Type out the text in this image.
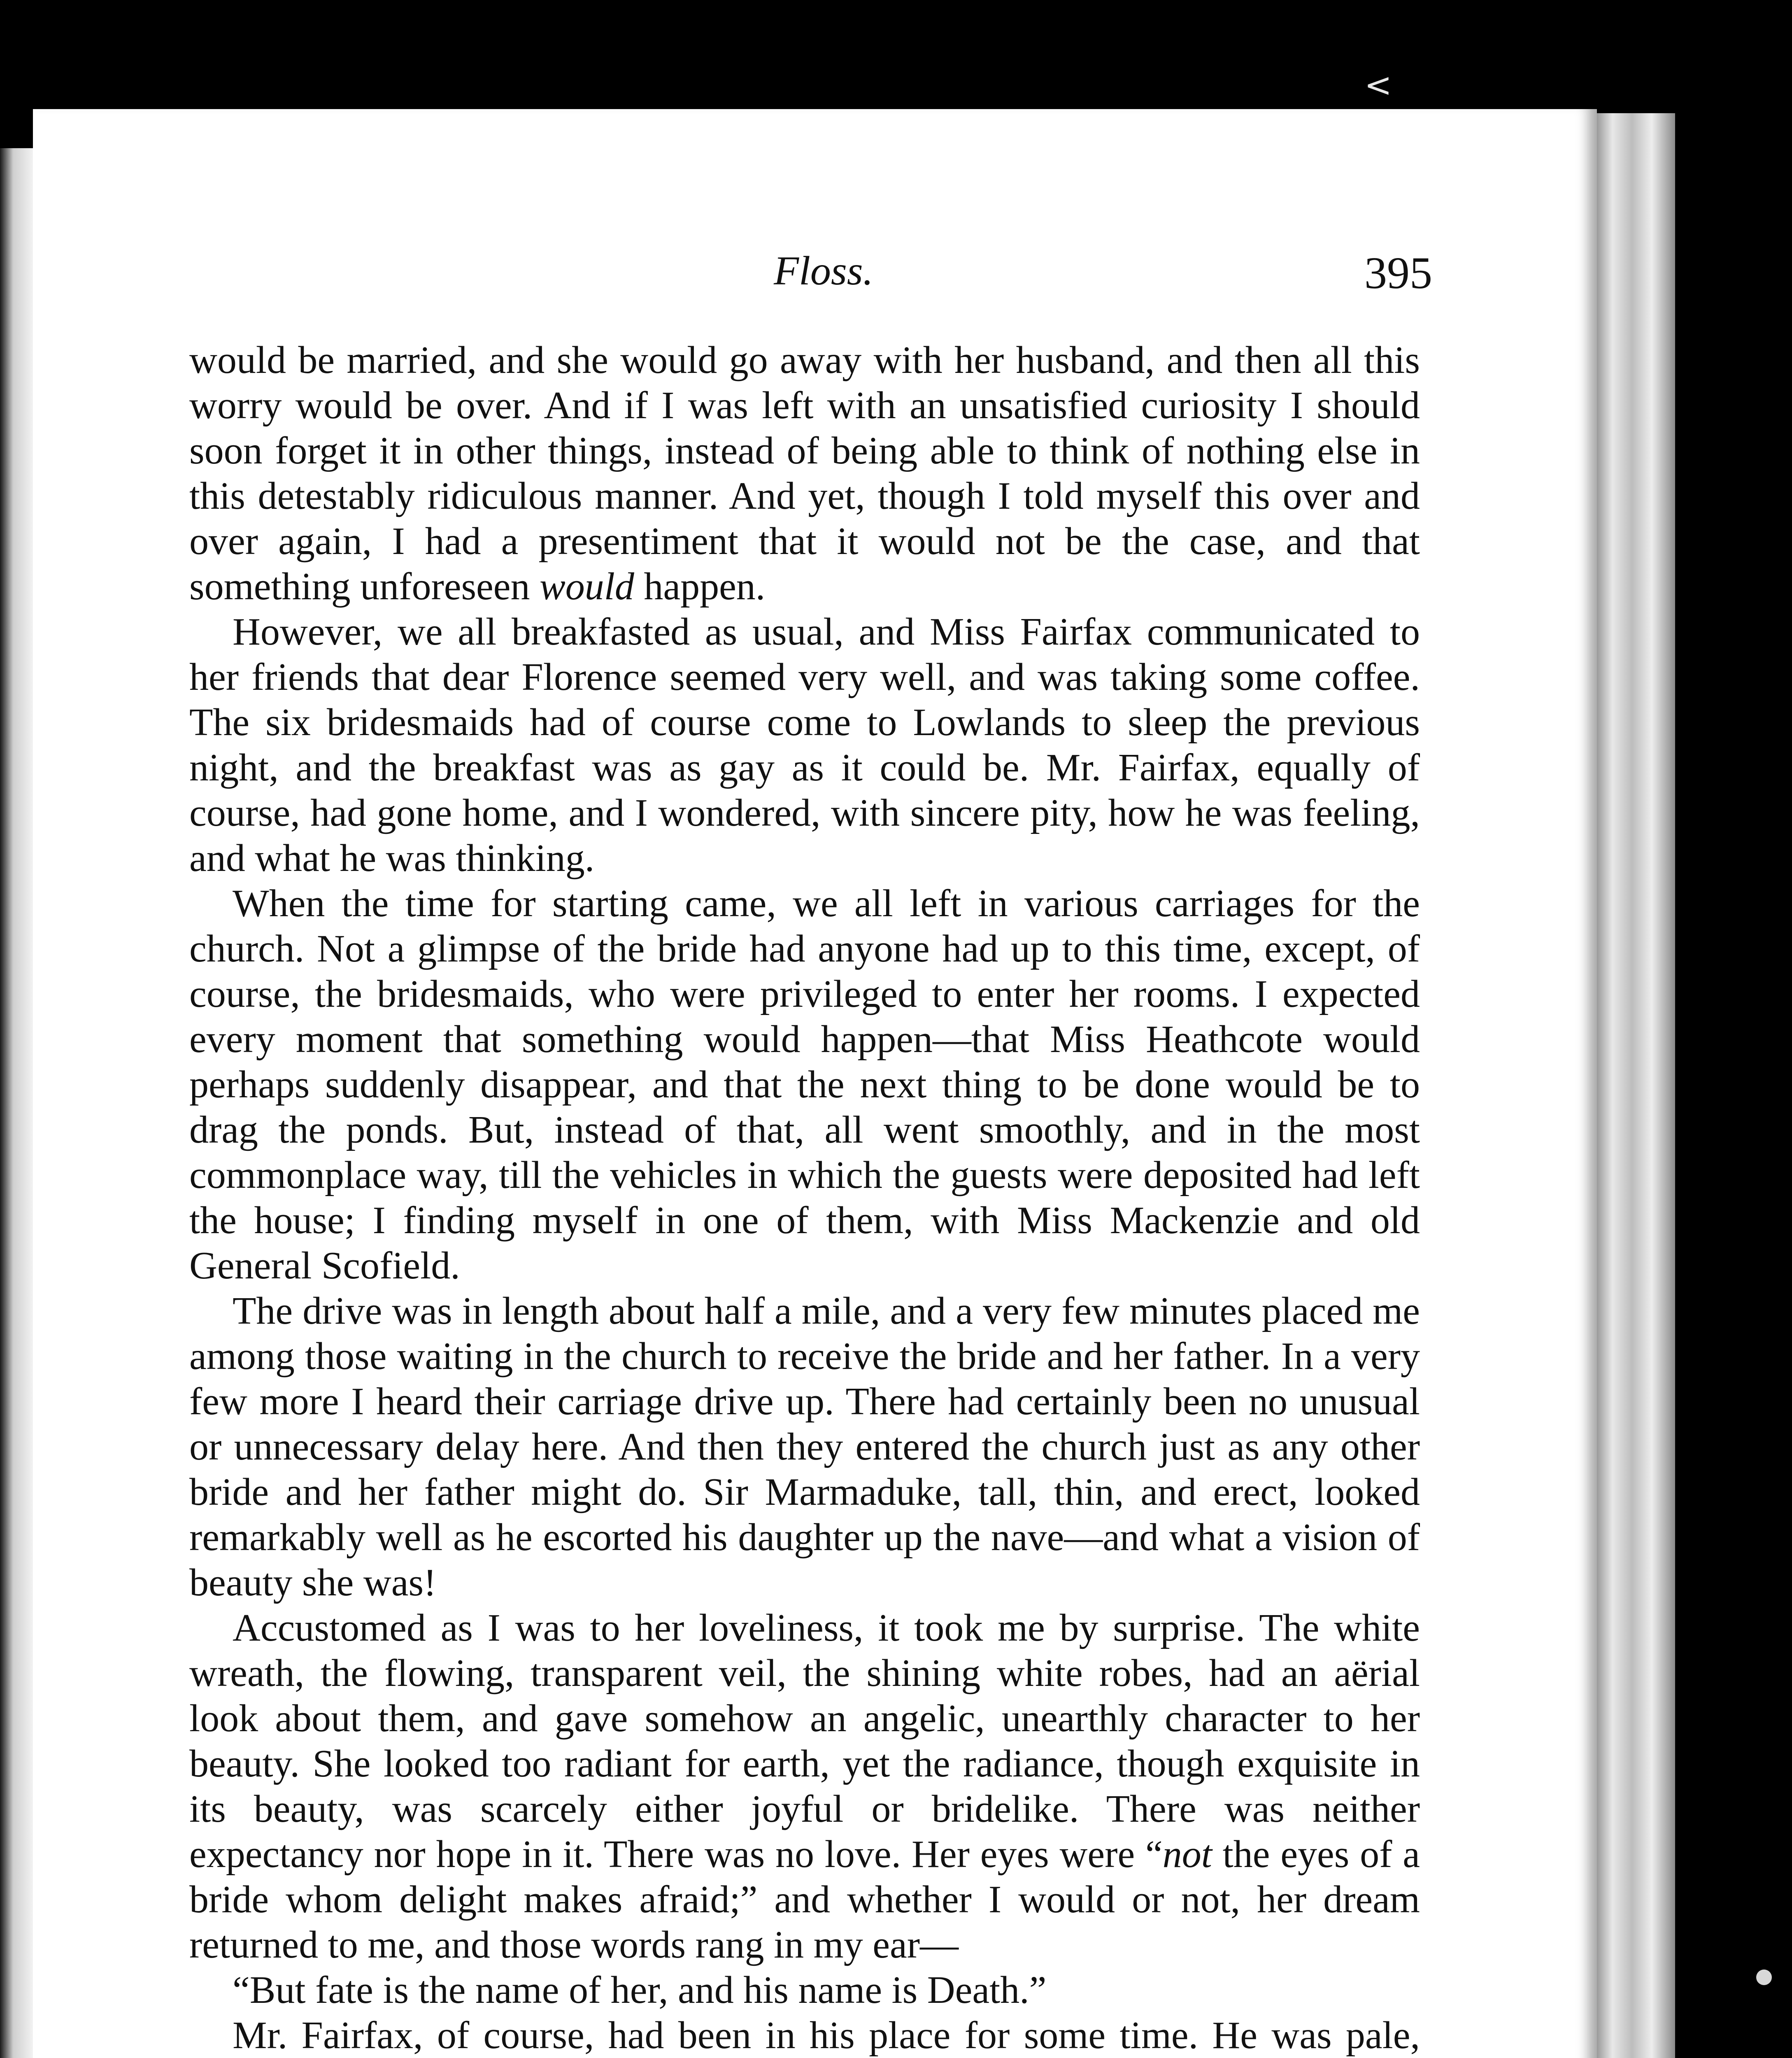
<
Floss.	395

would be married, and she would go away with her husband, and then all this worry would be over. And if I was left with an unsatisfied curiosity I should soon forget it in other things, instead of being able to think of nothing else in this detestably ridiculous manner. And yet, though I told myself this over and over again, I had a presentiment that it would not be the case, and that something unforeseen would happen.

However, we all breakfasted as usual, and Miss Fairfax communicated to her friends that dear Florence seemed very well, and was taking some coffee. The six bridesmaids had of course come to Lowlands to sleep the previous night, and the breakfast was as gay as it could be. Mr. Fairfax, equally of course, had gone home, and I wondered, with sincere pity, how he was feeling, and what he was thinking.

When the time for starting came, we all left in various carriages for the church. Not a glimpse of the bride had anyone had up to this time, except, of course, the bridesmaids, who were privileged to enter her rooms. I expected every moment that something would happen—that Miss Heathcote would perhaps suddenly disappear, and that the next thing to be done would be to drag the ponds. But, instead of that, all went smoothly, and in the most commonplace way, till the vehicles in which the guests were deposited had left the house; I finding myself in one of them, with Miss Mackenzie and old General Scofield.

The drive was in length about half a mile, and a very few minutes placed me among those waiting in the church to receive the bride and her father. In a very few more I heard their carriage drive up. There had certainly been no unusual or unnecessary delay here. And then they entered the church just as any other bride and her father might do. Sir Marmaduke, tall, thin, and erect, looked remarkably well as he escorted his daughter up the nave—and what a vision of beauty she was!

Accustomed as I was to her loveliness, it took me by surprise. The white wreath, the flowing, transparent veil, the shining white robes, had an aërial look about them, and gave somehow an angelic, unearthly character to her beauty. She looked too radiant for earth, yet the radiance, though exquisite in its beauty, was scarcely either joyful or bridelike. There was neither expectancy nor hope in it. There was no love. Her eyes were “not the eyes of a bride whom delight makes afraid;” and whether I would or not, her dream returned to me, and those words rang in my ear—

“But fate is the name of her, and his name is Death.”

Mr. Fairfax, of course, had been in his place for some time. He was pale,
